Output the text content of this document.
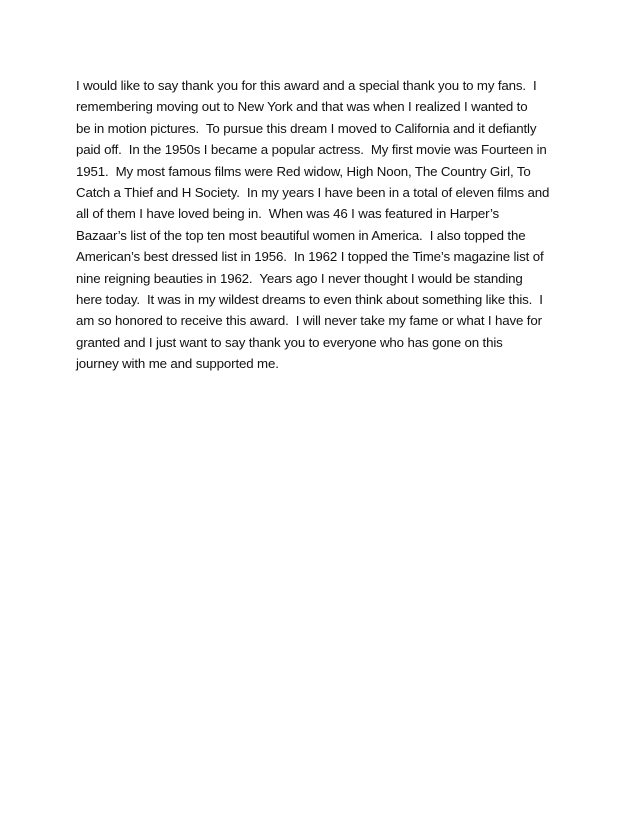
I would like to say thank you for this award and a special thank you to my fans.  I
remembering moving out to New York and that was when I realized I wanted to
be in motion pictures.  To pursue this dream I moved to California and it defiantly
paid off.  In the 1950s I became a popular actress.  My first movie was Fourteen in
1951.  My most famous films were Red widow, High Noon, The Country Girl, To
Catch a Thief and H Society.  In my years I have been in a total of eleven films and
all of them I have loved being in.  When was 46 I was featured in Harper’s
Bazaar’s list of the top ten most beautiful women in America.  I also topped the
American’s best dressed list in 1956.  In 1962 I topped the Time’s magazine list of
nine reigning beauties in 1962.  Years ago I never thought I would be standing
here today.  It was in my wildest dreams to even think about something like this.  I
am so honored to receive this award.  I will never take my fame or what I have for
granted and I just want to say thank you to everyone who has gone on this
journey with me and supported me.
